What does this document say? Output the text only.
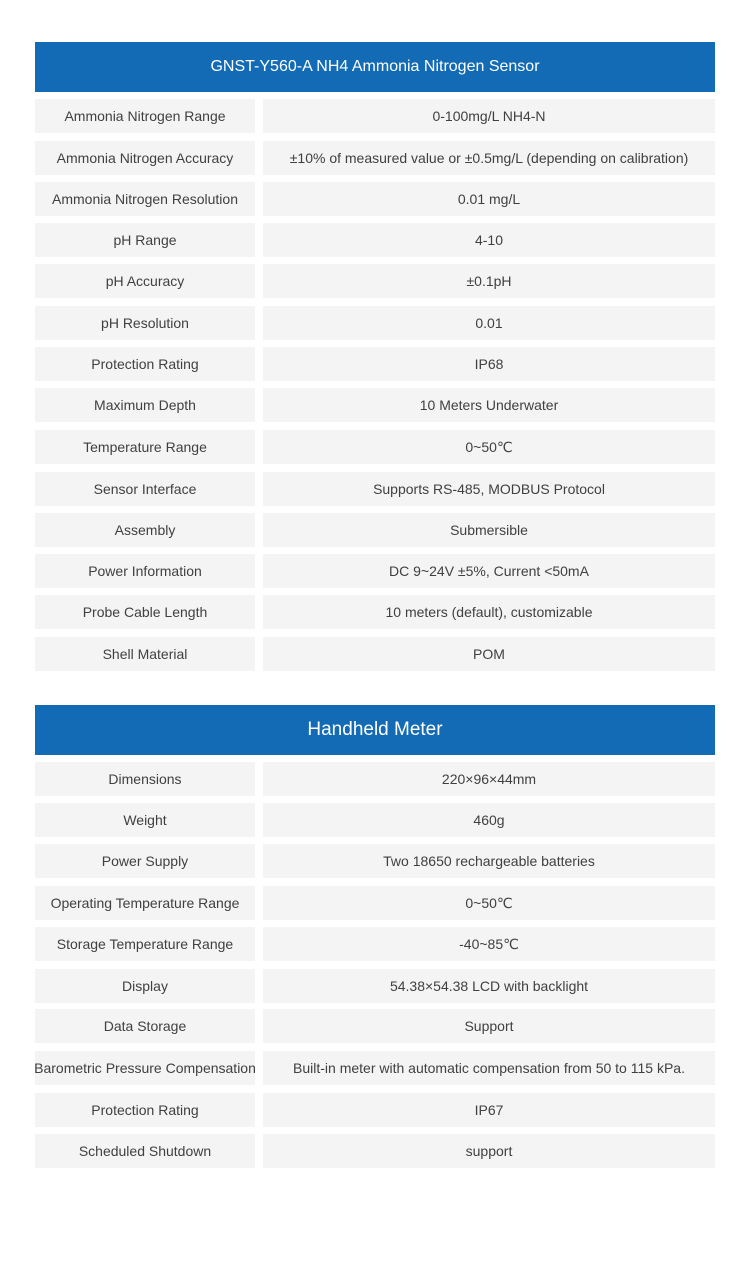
GNST-Y560-A NH4 Ammonia Nitrogen Sensor
Ammonia Nitrogen Range	0-100mg/L NH4-N
Ammonia Nitrogen Accuracy	±10% of measured value or ±0.5mg/L (depending on calibration)
Ammonia Nitrogen Resolution	0.01 mg/L
pH Range	4-10
pH Accuracy	±0.1pH
pH Resolution	0.01
Protection Rating	IP68
Maximum Depth	10 Meters Underwater
Temperature Range	0~50℃
Sensor Interface	Supports RS-485, MODBUS Protocol
Assembly	Submersible
Power Information	DC 9~24V ±5%, Current <50mA
Probe Cable Length	10 meters (default), customizable
Shell Material	POM
Handheld Meter
Dimensions	220×96×44mm
Weight	460g
Power Supply	Two 18650 rechargeable batteries
Operating Temperature Range	0~50℃
Storage Temperature Range	-40~85℃
Display	54.38×54.38 LCD with backlight
Data Storage	Support
Barometric Pressure Compensation	Built-in meter with automatic compensation from 50 to 115 kPa.
Protection Rating	IP67
Scheduled Shutdown	support
